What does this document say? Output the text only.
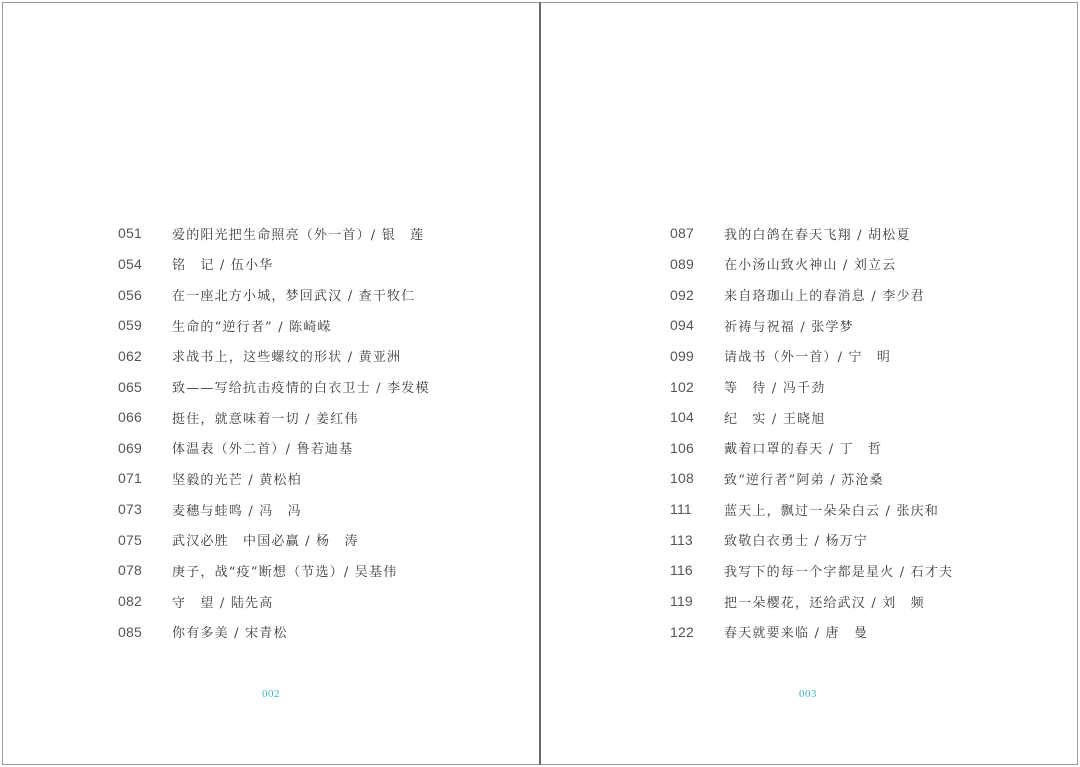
051	爱的阳光把生命照亮（外一首）/ 银　莲
054	铭　记 / 伍小华
056	在一座北方小城，梦回武汉 / 查干牧仁
059	生命的“逆行者” / 陈崎嵘
062	求战书上，这些螺纹的形状 / 黄亚洲
065	致——写给抗击疫情的白衣卫士 / 李发模
066	挺住，就意味着一切 / 姜红伟
069	体温表（外二首）/ 鲁若迪基
071	坚毅的光芒 / 黄松柏
073	麦穗与蛙鸣 / 冯　冯
075	武汉必胜　中国必赢 / 杨　涛
078	庚子，战“疫”断想（节选）/ 吴基伟
082	守　望 / 陆先高
085	你有多美 / 宋青松
002
087	我的白鸽在春天飞翔 / 胡松夏
089	在小汤山致火神山 / 刘立云
092	来自珞珈山上的春消息 / 李少君
094	祈祷与祝福 / 张学梦
099	请战书（外一首）/ 宁　明
102	等　待 / 冯千劲
104	纪　实 / 王晓旭
106	戴着口罩的春天 / 丁　哲
108	致“逆行者”阿弟 / 苏沧桑
111	蓝天上，飘过一朵朵白云 / 张庆和
113	致敬白衣勇士 / 杨万宁
116	我写下的每一个字都是星火 / 石才夫
119	把一朵樱花，还给武汉 / 刘　频
122	春天就要来临 / 唐　曼
003
